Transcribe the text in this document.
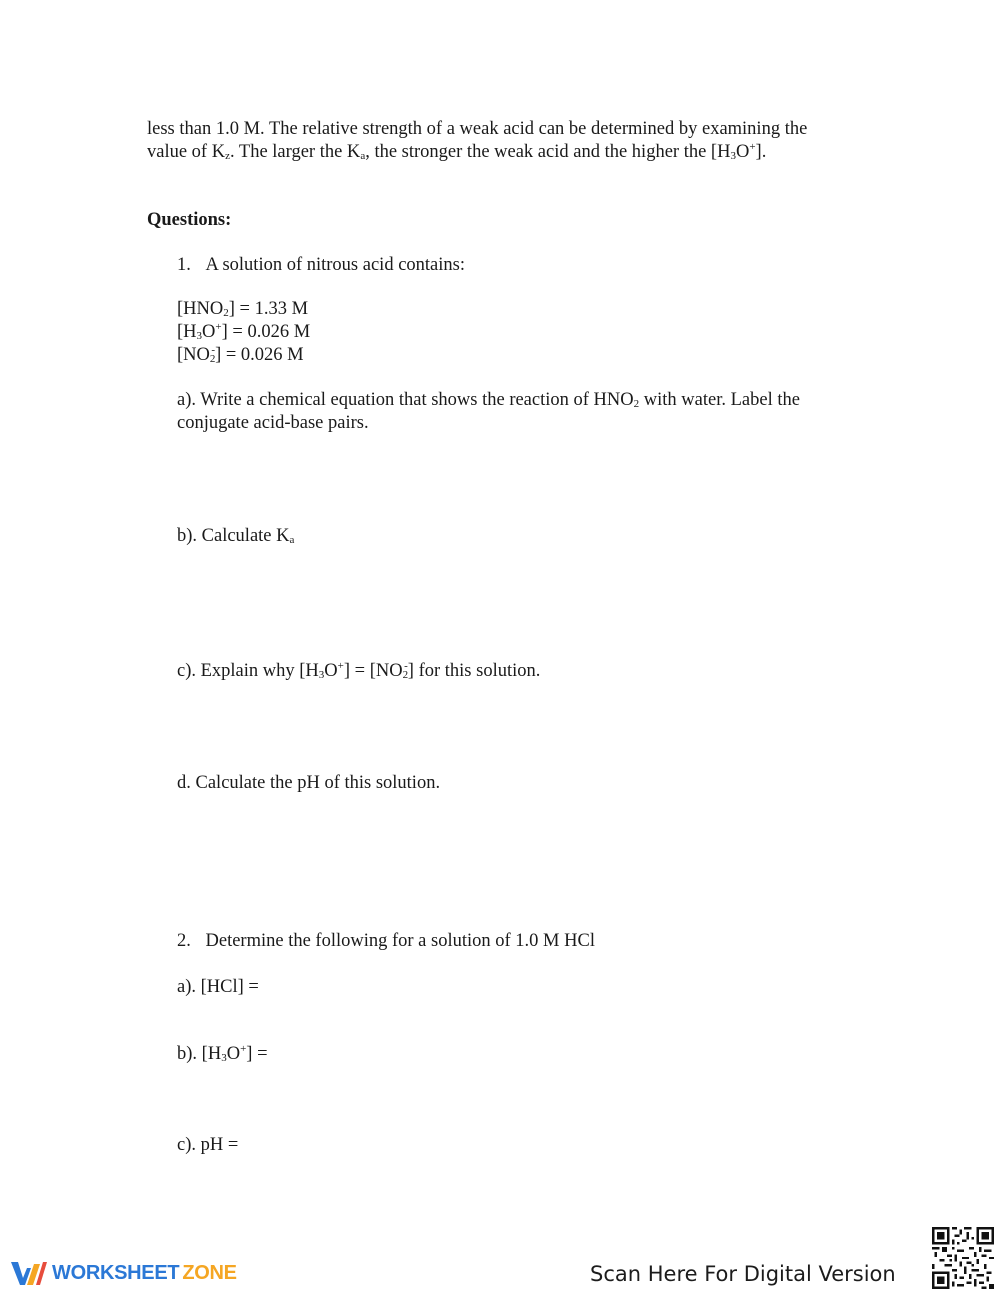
less than 1.0 M. The relative strength of a weak acid can be determined by examining the
value of $K_z$. The larger the $K_a$, the stronger the weak acid and the higher the $[H_3O^+]$.
Questions:
1. A solution of nitrous acid contains:
$[HNO_2] = 1.33$ M
$[H_3O^+] = 0.026$ M
$[NO_2^-] = 0.026$ M
a). Write a chemical equation that shows the reaction of $HNO_2$ with water. Label the
conjugate acid-base pairs.
b). Calculate $K_a$
c). Explain why $[H_3O^+] = [NO_2^-]$ for this solution.
d. Calculate the pH of this solution.
2. Determine the following for a solution of 1.0 M HCl
a). [HCl] =
b). $[H_3O^+]$ =
c). pH =
WORKSHEET ZONE	Scan Here For Digital Version
